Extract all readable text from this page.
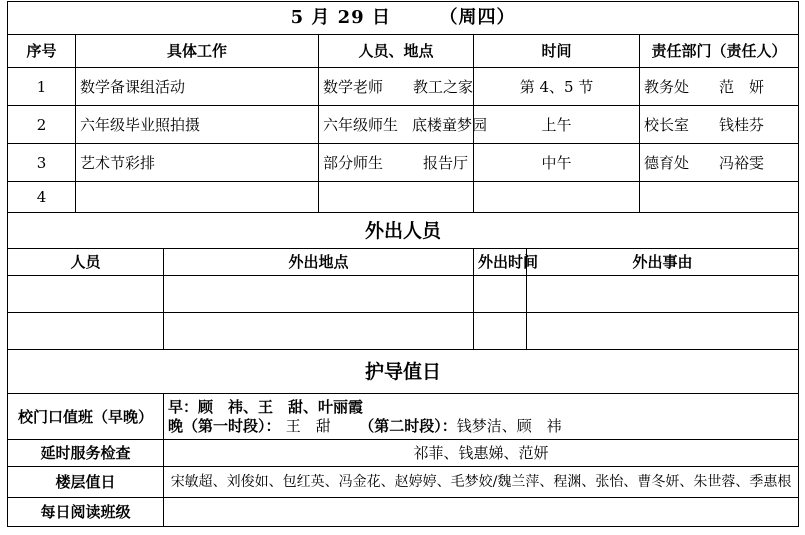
5 月 29 日 （周四）						
序号	具体工作		人员、地点	时间		责任部门（责任人）
1	数学备课组活动		数学老师 教工之家	第 4、5 节		教务处 范　妍
2	六年级毕业照拍摄		六年级师生 底楼童梦园	上午		校长室 钱桂芬
3	艺术节彩排		部分师生 报告厅	中午		德育处 冯裕雯
4						
外出人员						
人员		外出地点		外出时间	外出事由	

护导值日						
校门口值班（早晚）		早：顾　祎、王　甜、叶丽霞
晚（第一时段）： 王　甜 （第二时段）：钱梦洁、顾　祎				

延时服务检查		祁菲、钱惠娣、范妍				
楼层值日		宋敏超、刘俊如、包红英、冯金花、赵婷婷、毛梦姣/魏兰萍、程渊、张怡、曹冬妍、朱世蓉、季惠根				
每日阅读班级						
